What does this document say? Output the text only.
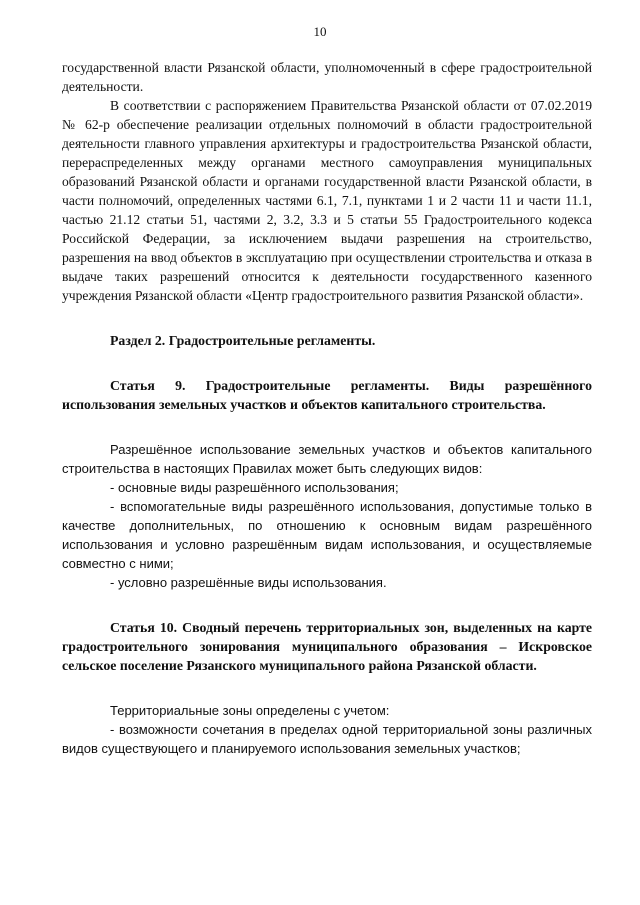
10

государственной власти Рязанской области, уполномоченный в сфере градостроительной деятельности.

В соответствии с распоряжением Правительства Рязанской области от 07.02.2019 № 62-р обеспечение реализации отдельных полномочий в области градостроительной деятельности главного управления архитектуры и градостроительства Рязанской области, перераспределенных между органами местного самоуправления муниципальных образований Рязанской области и органами государственной власти Рязанской области, в части полномочий, определенных частями 6.1, 7.1, пунктами 1 и 2 части 11 и части 11.1, частью 21.12 статьи 51, частями 2, 3.2, 3.3 и 5 статьи 55 Градостроительного кодекса Российской Федерации, за исключением выдачи разрешения на строительство, разрешения на ввод объектов в эксплуатацию при осуществлении строительства и отказа в выдаче таких разрешений относится к деятельности государственного казенного учреждения Рязанской области «Центр градостроительного развития Рязанской области».

Раздел 2. Градостроительные регламенты.
Статья 9. Градостроительные регламенты. Виды разрешённого использования земельных участков и объектов капитального строительства.

Разрешённое использование земельных участков и объектов капитального строительства в настоящих Правилах может быть следующих видов:

- основные виды разрешённого использования;

- вспомогательные виды разрешённого использования, допустимые только в качестве дополнительных, по отношению к основным видам разрешённого использования и условно разрешённым видам использования, и осуществляемые совместно с ними;

- условно разрешённые виды использования.

Статья 10. Сводный перечень территориальных зон, выделенных на карте градостроительного зонирования муниципального образования – Искровское сельское поселение Рязанского муниципального района Рязанской области.

Территориальные зоны определены с учетом:

- возможности сочетания в пределах одной территориальной зоны различных видов существующего и планируемого использования земельных участков;
